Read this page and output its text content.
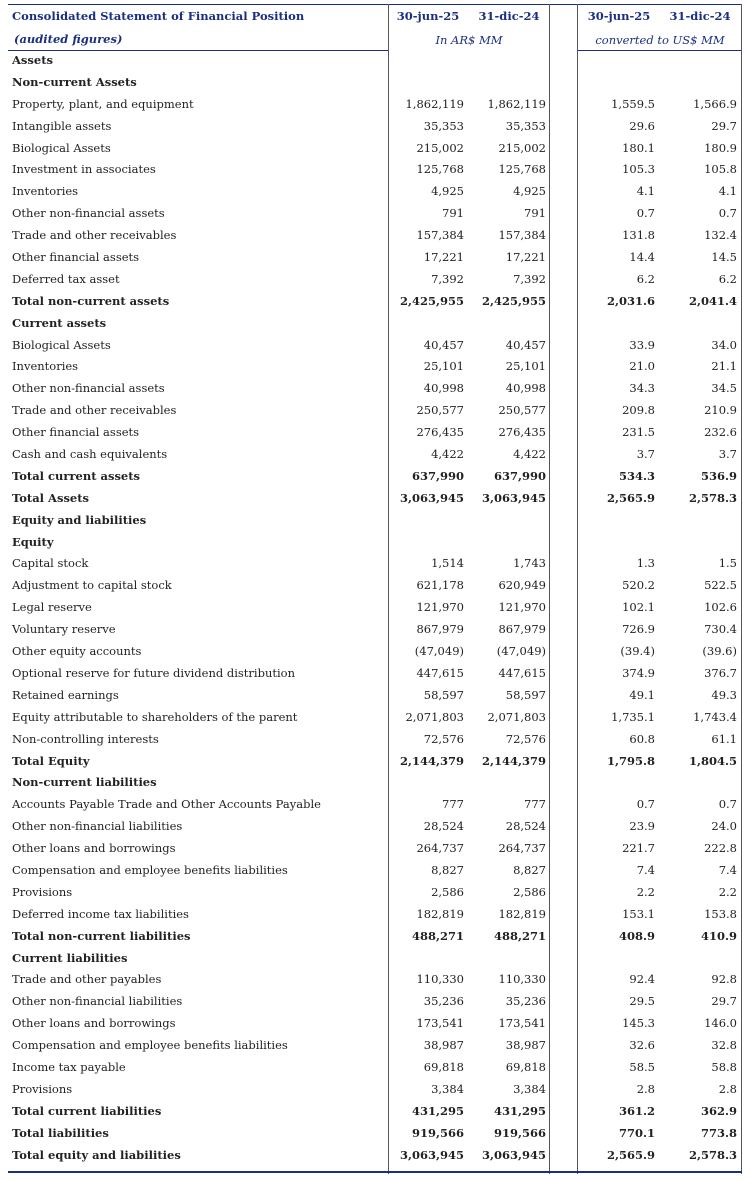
Consolidated Statement of Financial Position
(audited figures)
30-jun-25	31-dic-24
In AR$ MM
30-jun-25	31-dic-24
converted to US$ MM
Assets
Non-current Assets
Property, plant, and equipment	1,862,119	1,862,119	1,559.5	1,566.9
Intangible assets	35,353	35,353	29.6	29.7
Biological Assets	215,002	215,002	180.1	180.9
Investment in associates	125,768	125,768	105.3	105.8
Inventories	4,925	4,925	4.1	4.1
Other non-financial assets	791	791	0.7	0.7
Trade and other receivables	157,384	157,384	131.8	132.4
Other financial assets	17,221	17,221	14.4	14.5
Deferred tax asset	7,392	7,392	6.2	6.2
Total non-current assets	2,425,955	2,425,955	2,031.6	2,041.4
Current assets
Biological Assets	40,457	40,457	33.9	34.0
Inventories	25,101	25,101	21.0	21.1
Other non-financial assets	40,998	40,998	34.3	34.5
Trade and other receivables	250,577	250,577	209.8	210.9
Other financial assets	276,435	276,435	231.5	232.6
Cash and cash equivalents	4,422	4,422	3.7	3.7
Total current assets	637,990	637,990	534.3	536.9
Total Assets	3,063,945	3,063,945	2,565.9	2,578.3
Equity and liabilities
Equity
Capital stock	1,514	1,743	1.3	1.5
Adjustment to capital stock	621,178	620,949	520.2	522.5
Legal reserve	121,970	121,970	102.1	102.6
Voluntary reserve	867,979	867,979	726.9	730.4
Other equity accounts	(47,049)	(47,049)	(39.4)	(39.6)
Optional reserve for future dividend distribution	447,615	447,615	374.9	376.7
Retained earnings	58,597	58,597	49.1	49.3
Equity attributable to shareholders of the parent	2,071,803	2,071,803	1,735.1	1,743.4
Non-controlling interests	72,576	72,576	60.8	61.1
Total Equity	2,144,379	2,144,379	1,795.8	1,804.5
Non-current liabilities
Accounts Payable Trade and Other Accounts Payable	777	777	0.7	0.7
Other non-financial liabilities	28,524	28,524	23.9	24.0
Other loans and borrowings	264,737	264,737	221.7	222.8
Compensation and employee benefits liabilities	8,827	8,827	7.4	7.4
Provisions	2,586	2,586	2.2	2.2
Deferred income tax liabilities	182,819	182,819	153.1	153.8
Total non-current liabilities	488,271	488,271	408.9	410.9
Current liabilities
Trade and other payables	110,330	110,330	92.4	92.8
Other non-financial liabilities	35,236	35,236	29.5	29.7
Other loans and borrowings	173,541	173,541	145.3	146.0
Compensation and employee benefits liabilities	38,987	38,987	32.6	32.8
Income tax payable	69,818	69,818	58.5	58.8
Provisions	3,384	3,384	2.8	2.8
Total current liabilities	431,295	431,295	361.2	362.9
Total liabilities	919,566	919,566	770.1	773.8
Total equity and liabilities	3,063,945	3,063,945	2,565.9	2,578.3
